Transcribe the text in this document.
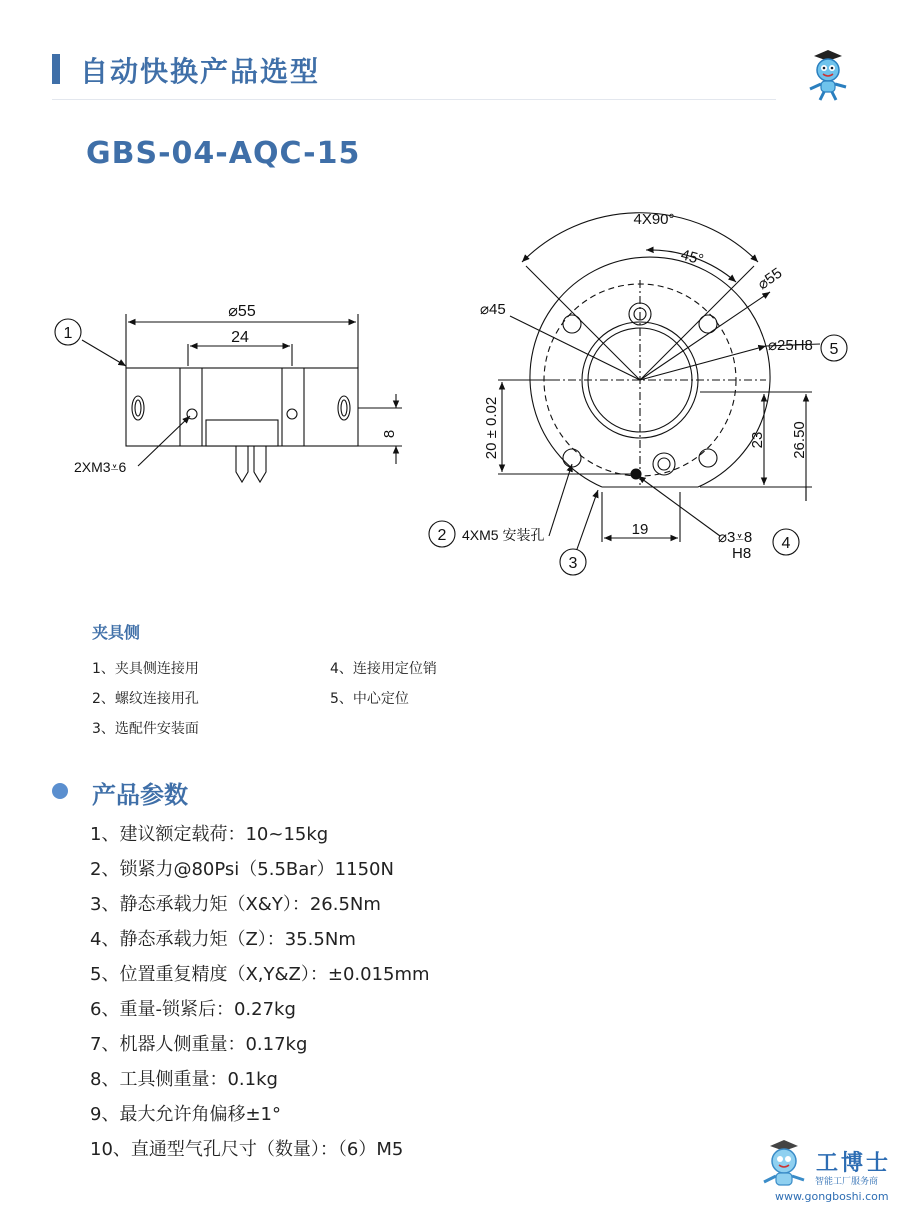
自动快换产品选型
GBS-04-AQC-15
1
⌀55
24
8
2XM3⩡6
4X90°
45°
⌀45
⌀55
⌀25H8 5
20 ± 0.02	23 26.50
19	⌀3⩡8
H8
4
2 4XM5 安装孔
3
夹具侧
1、夹具侧连接用
2、螺纹连接用孔
3、选配件安装面
4、连接用定位销
5、中心定位
产品参数
1、建议额定载荷：10~15kg
2、锁紧力@80Psi（5.5Bar）1150N
3、静态承载力矩（X&Y）：26.5Nm
4、静态承载力矩（Z）：35.5Nm
5、位置重复精度（X,Y&Z）：±0.015mm
6、重量-锁紧后：0.27kg
7、机器人侧重量：0.17kg
8、工具侧重量：0.1kg
9、最大允许角偏移±1°
10、直通型气孔尺寸（数量）：（6）M5
工博士
智能工厂服务商
www.gongboshi.com
